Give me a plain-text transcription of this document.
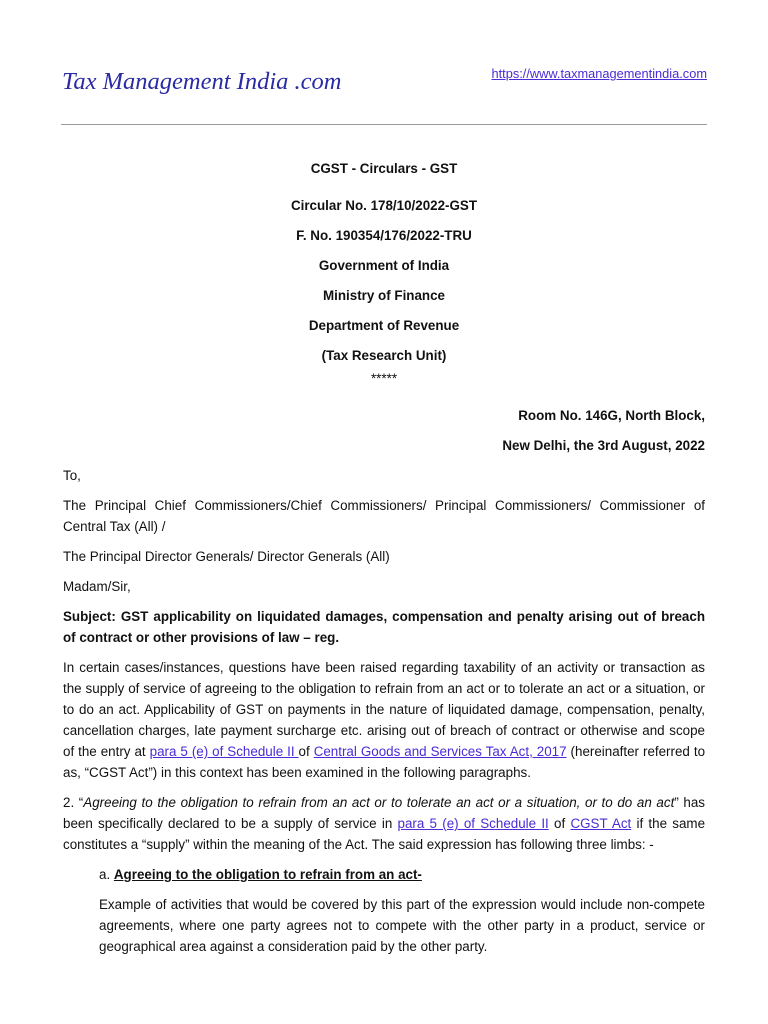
Tax Management India .com	https://www.taxmanagementindia.com

CGST - Circulars - GST

Circular No. 178/10/2022-GST

F. No. 190354/176/2022-TRU

Government of India

Ministry of Finance

Department of Revenue

(Tax Research Unit)

*****

Room No. 146G, North Block,

New Delhi, the 3rd August, 2022

To,

The Principal Chief Commissioners/Chief Commissioners/ Principal Commissioners/ Commissioner of Central Tax (All) /

The Principal Director Generals/ Director Generals (All)

Madam/Sir,

Subject: GST applicability on liquidated damages, compensation and penalty arising out of breach of contract or other provisions of law – reg.

In certain cases/instances, questions have been raised regarding taxability of an activity or transaction as the supply of service of agreeing to the obligation to refrain from an act or to tolerate an act or a situation, or to do an act. Applicability of GST on payments in the nature of liquidated damage, compensation, penalty, cancellation charges, late payment surcharge etc. arising out of breach of contract or otherwise and scope of the entry at para 5 (e) of Schedule II of Central Goods and Services Tax Act, 2017 (hereinafter referred to as, “CGST Act”) in this context has been examined in the following paragraphs.

2. “Agreeing to the obligation to refrain from an act or to tolerate an act or a situation, or to do an act” has been specifically declared to be a supply of service in para 5 (e) of Schedule II of CGST Act if the same constitutes a “supply” within the meaning of the Act. The said expression has following three limbs: -

a. Agreeing to the obligation to refrain from an act-

Example of activities that would be covered by this part of the expression would include non-compete agreements, where one party agrees not to compete with the other party in a product, service or geographical area against a consideration paid by the other party.
